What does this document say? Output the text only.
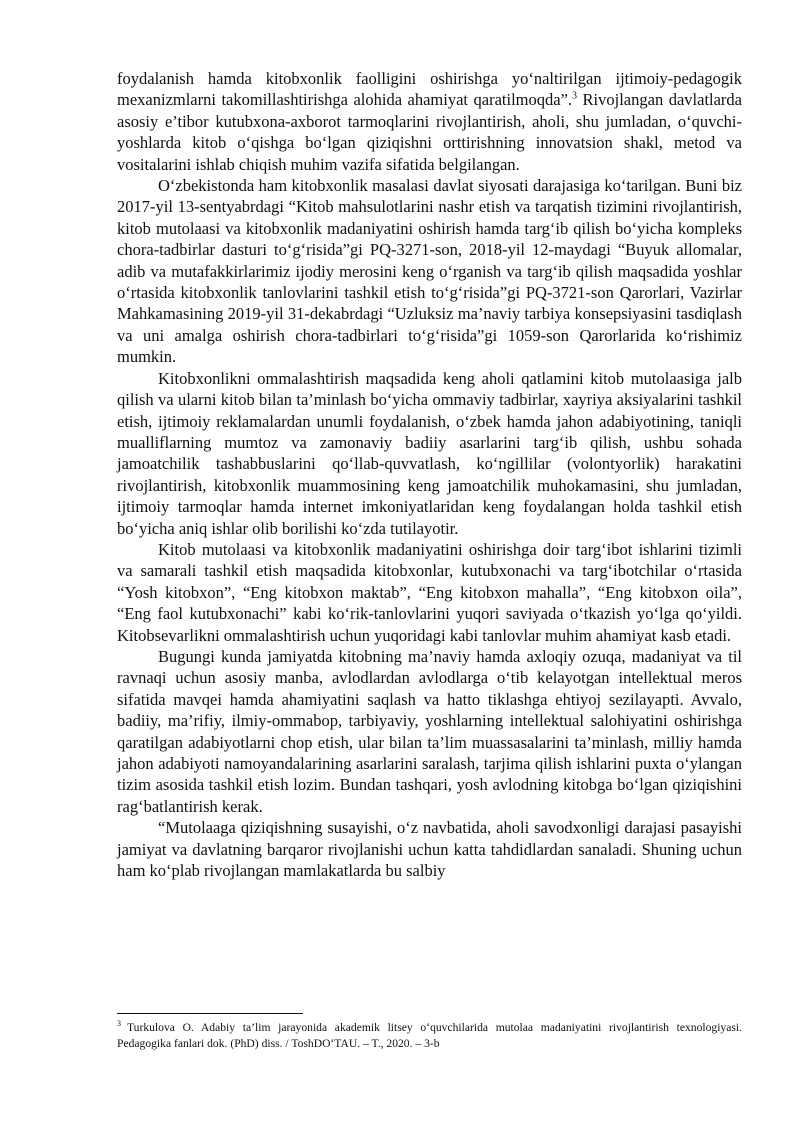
foydalanish hamda kitobxonlik faolligini oshirishga yo‘naltirilgan ijtimoiy-pedagogik mexanizmlarni takomillashtirishga alohida ahamiyat qaratilmoqda”.$^3$ Rivojlangan davlatlarda asosiy e’tibor kutubxona-axborot tarmoqlarini rivojlantirish, aholi, shu jumladan, o‘quvchi-yoshlarda kitob o‘qishga bo‘lgan qiziqishni orttirishning innovatsion shakl, metod va vositalarini ishlab chiqish muhim vazifa sifatida belgilangan.

O‘zbekistonda ham kitobxonlik masalasi davlat siyosati darajasiga ko‘tarilgan. Buni biz 2017-yil 13-sentyabrdagi “Kitob mahsulotlarini nashr etish va tarqatish tizimini rivojlantirish, kitob mutolaasi va kitobxonlik madaniyatini oshirish hamda targ‘ib qilish bo‘yicha kompleks chora-tadbirlar dasturi to‘g‘risida”gi PQ-3271-son, 2018-yil 12-maydagi “Buyuk allomalar, adib va mutafakkirlarimiz ijodiy merosini keng o‘rganish va targ‘ib qilish maqsadida yoshlar o‘rtasida kitobxonlik tanlovlarini tashkil etish to‘g‘risida”gi PQ-3721-son Qarorlari, Vazirlar Mahkamasining 2019-yil 31-dekabrdagi “Uzluksiz ma’naviy tarbiya konsepsiyasini tasdiqlash va uni amalga oshirish chora-tadbirlari to‘g‘risida”gi 1059-son Qarorlarida ko‘rishimiz mumkin.

Kitobxonlikni ommalashtirish maqsadida keng aholi qatlamini kitob mutolaasiga jalb qilish va ularni kitob bilan ta’minlash bo‘yicha ommaviy tadbirlar, xayriya aksiyalarini tashkil etish, ijtimoiy reklamalardan unumli foydalanish, o‘zbek hamda jahon adabiyotining, taniqli mualliflarning mumtoz va zamonaviy badiiy asarlarini targ‘ib qilish, ushbu sohada jamoatchilik tashabbuslarini qo‘llab-quvvatlash, ko‘ngillilar (volontyorlik) harakatini rivojlantirish, kitobxonlik muammosining keng jamoatchilik muhokamasini, shu jumladan, ijtimoiy tarmoqlar hamda internet imkoniyatlaridan keng foydalangan holda tashkil etish bo‘yicha aniq ishlar olib borilishi ko‘zda tutilayotir.

Kitob mutolaasi va kitobxonlik madaniyatini oshirishga doir targ‘ibot ishlarini tizimli va samarali tashkil etish maqsadida kitobxonlar, kutubxonachi va targ‘ibotchilar o‘rtasida “Yosh kitobxon”, “Eng kitobxon maktab”, “Eng kitobxon mahalla”, “Eng kitobxon oila”, “Eng faol kutubxonachi” kabi ko‘rik-tanlovlarini yuqori saviyada o‘tkazish yo‘lga qo‘yildi. Kitobsevarlikni ommalashtirish uchun yuqoridagi kabi tanlovlar muhim ahamiyat kasb etadi.

Bugungi kunda jamiyatda kitobning ma’naviy hamda axloqiy ozuqa, madaniyat va til ravnaqi uchun asosiy manba, avlodlardan avlodlarga o‘tib kelayotgan intellektual meros sifatida mavqei hamda ahamiyatini saqlash va hatto tiklashga ehtiyoj sezilayapti. Avvalo, badiiy, ma’rifiy, ilmiy-ommabop, tarbiyaviy, yoshlarning intellektual salohiyatini oshirishga qaratilgan adabiyotlarni chop etish, ular bilan ta’lim muassasalarini ta’minlash, milliy hamda jahon adabiyoti namoyandalarining asarlarini saralash, tarjima qilish ishlarini puxta o‘ylangan tizim asosida tashkil etish lozim. Bundan tashqari, yosh avlodning kitobga bo‘lgan qiziqishini rag‘batlantirish kerak.

“Mutolaaga qiziqishning susayishi, o‘z navbatida, aholi savodxonligi darajasi pasayishi jamiyat va davlatning barqaror rivojlanishi uchun katta tahdidlardan sanaladi. Shuning uchun ham ko‘plab rivojlangan mamlakatlarda bu salbiy

$^3$ Turkulova O. Adabiy ta’lim jarayonida akademik litsey o‘quvchilarida mutolaa madaniyatini rivojlantirish texnologiyasi. Pedagogika fanlari dok. (PhD) diss. / ToshDO‘TAU. – T., 2020. – 3-b
